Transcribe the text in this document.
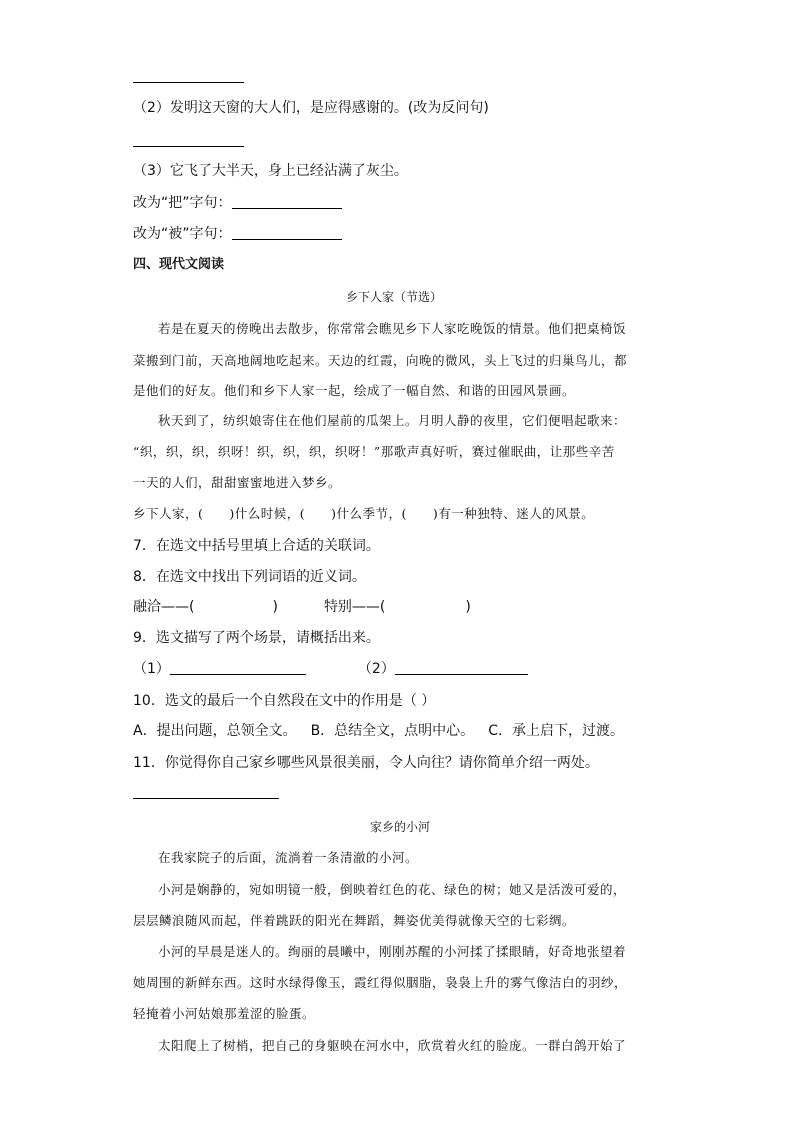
（2）发明这天窗的大人们，是应得感谢的。(改为反问句)
（3）它飞了大半天，身上已经沾满了灰尘。
改为“把”字句：
改为“被”字句：
四、现代文阅读
乡下人家（节选）
若是在夏天的傍晚出去散步，你常常会瞧见乡下人家吃晚饭的情景。他们把桌椅饭
菜搬到门前，天高地阔地吃起来。天边的红霞，向晚的微风，头上飞过的归巢鸟儿，都
是他们的好友。他们和乡下人家一起，绘成了一幅自然、和谐的田园风景画。
秋天到了，纺织娘寄住在他们屋前的瓜架上。月明人静的夜里，它们便唱起歌来：
“织，织，织，织呀！织，织，织，织呀！”那歌声真好听，赛过催眠曲，让那些辛苦
一天的人们，甜甜蜜蜜地进入梦乡。
乡下人家，(　　)什么时候，(　　)什么季节，(　　)有一种独特、迷人的风景。
7．在选文中括号里填上合适的关联词。
8．在选文中找出下列词语的近义词。
融洽——(	)	特别——(	)
9．选文描写了两个场景，请概括出来。
（1）	（2）
10．选文的最后一个自然段在文中的作用是（ ）
A．提出问题，总领全文。 B．总结全文，点明中心。 C．承上启下，过渡。
11．你觉得你自己家乡哪些风景很美丽，令人向往？请你简单介绍一两处。
家乡的小河
在我家院子的后面，流淌着一条清澈的小河。
小河是娴静的，宛如明镜一般，倒映着红色的花、绿色的树；她又是活泼可爱的，
层层鳞浪随风而起，伴着跳跃的阳光在舞蹈，舞姿优美得就像天空的七彩绸。
小河的早晨是迷人的。绚丽的晨曦中，刚刚苏醒的小河揉了揉眼睛，好奇地张望着
她周围的新鲜东西。这时水绿得像玉，霞红得似胭脂，袅袅上升的雾气像洁白的羽纱，
轻掩着小河姑娘那羞涩的脸蛋。
太阳爬上了树梢，把自己的身躯映在河水中，欣赏着火红的脸庞。一群白鸽开始了
